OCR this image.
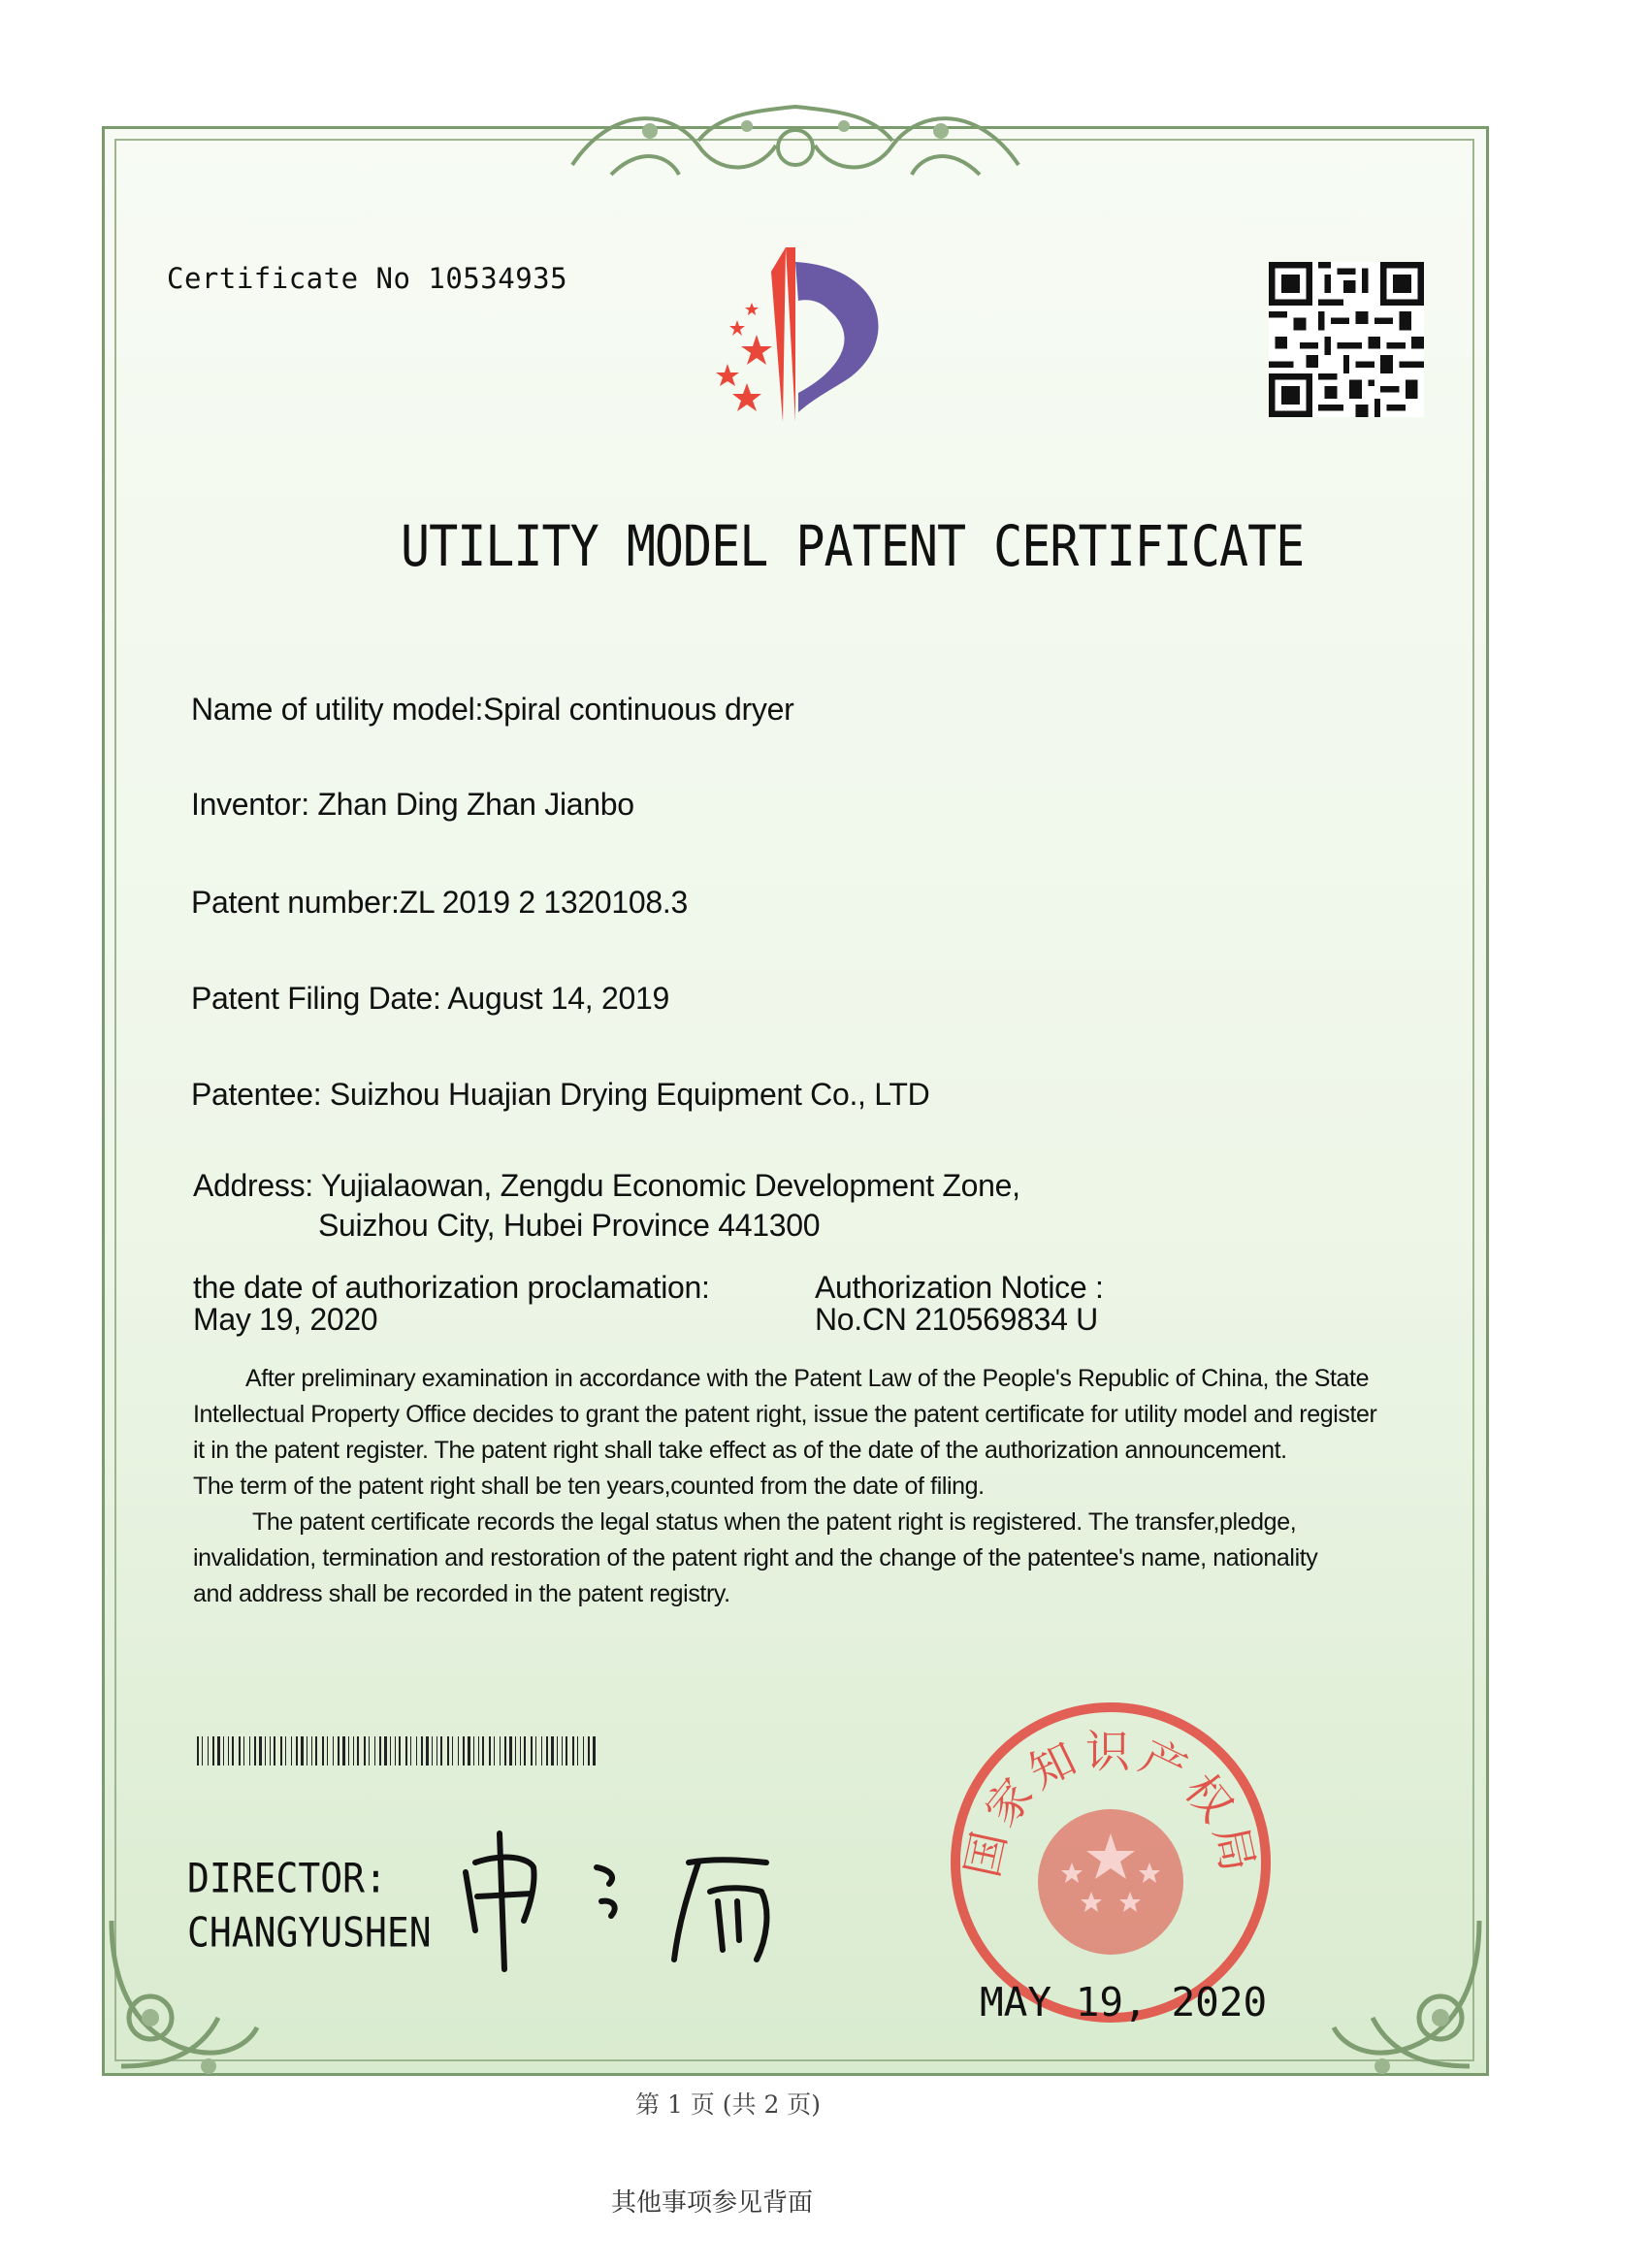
Certificate No 10534935
UTILITY MODEL PATENT CERTIFICATE
Name of utility model:Spiral continuous dryer
Inventor: Zhan Ding Zhan Jianbo
Patent number:ZL 2019 2 1320108.3
Patent Filing Date: August 14, 2019
Patentee: Suizhou Huajian Drying Equipment Co., LTD
Address: Yujialaowan, Zengdu Economic Development Zone,
Suizhou City, Hubei Province 441300
the date of authorization proclamation:
May 19, 2020
Authorization Notice :
No.CN 210569834 U
After preliminary examination in accordance with the Patent Law of the People's Republic of China, the State
Intellectual Property Office decides to grant the patent right, issue the patent certificate for utility model and register
it in the patent register. The patent right shall take effect as of the date of the authorization announcement.
The term of the patent right shall be ten years,counted from the date of filing.
The patent certificate records the legal status when the patent right is registered. The transfer,pledge,
invalidation, termination and restoration of the patent right and the change of the patentee's name, nationality
and address shall be recorded in the patent registry.
DIRECTOR:
CHANGYUSHEN
国家知识产权局
MAY 19, 2020
第 1 页 (共 2 页)
其他事项参见背面
